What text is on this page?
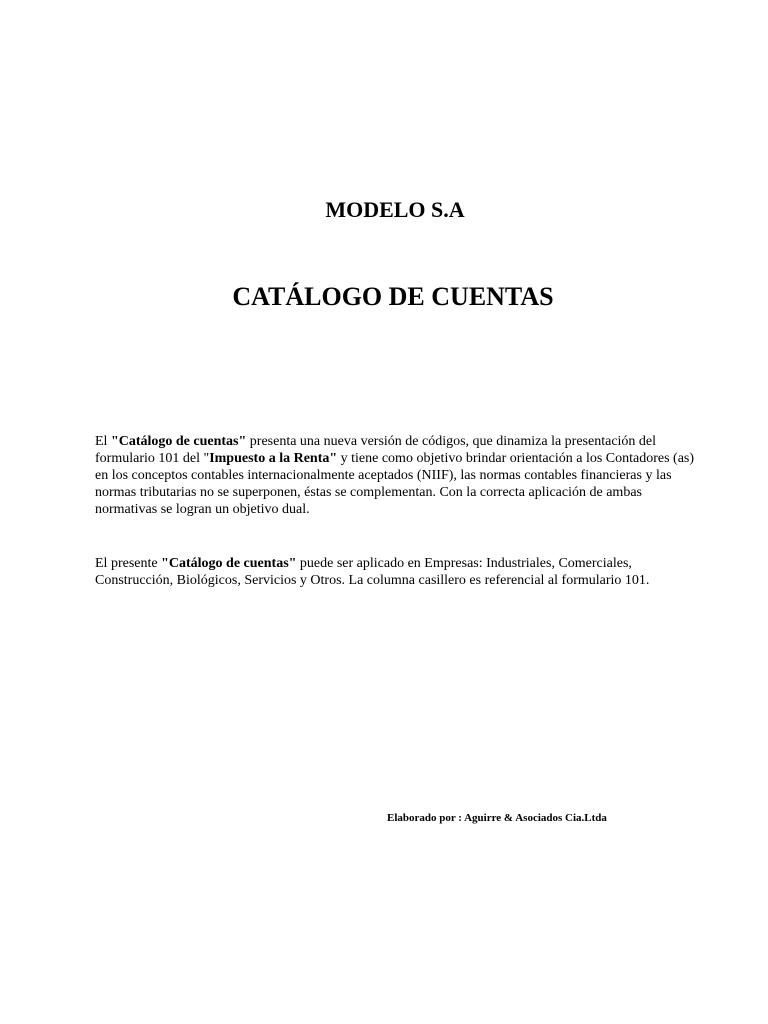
MODELO S.A
CATÁLOGO DE CUENTAS

El "Catálogo de cuentas" presenta una nueva versión de códigos, que dinamiza la presentación del formulario 101 del "Impuesto a la Renta" y tiene como objetivo brindar orientación a los Contadores (as) en los conceptos contables internacionalmente aceptados (NIIF), las normas contables financieras y las normas tributarias no se superponen, éstas se complementan. Con la correcta aplicación de ambas normativas se logran un objetivo dual.

El presente "Catálogo de cuentas" puede ser aplicado en Empresas: Industriales, Comerciales, Construcción, Biológicos, Servicios y Otros. La columna casillero es referencial al formulario 101.

Elaborado por : Aguirre & Asociados Cia.Ltda
